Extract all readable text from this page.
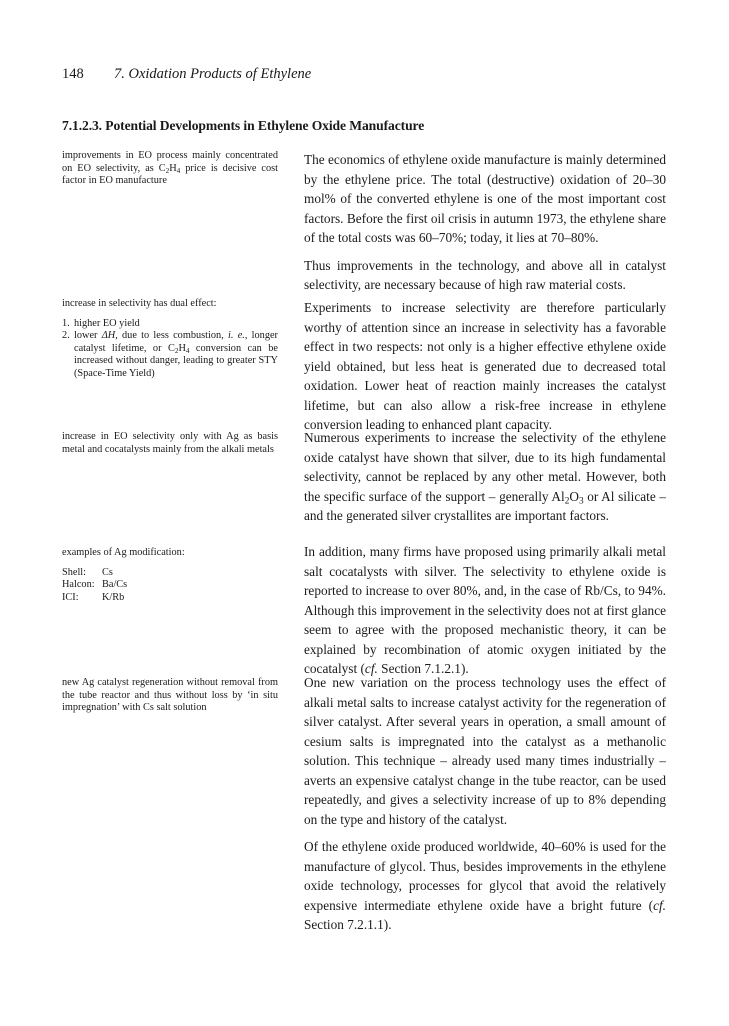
148 7. Oxidation Products of Ethylene
7.1.2.3. Potential Developments in Ethylene Oxide Manufacture

improvements in EO process mainly concentrated on EO selectivity, as $C_2H_4$ price is decisive cost factor in EO manufacture

The economics of ethylene oxide manufacture is mainly determined by the ethylene price. The total (destructive) oxidation of 20–30 mol% of the converted ethylene is one of the most important cost factors. Before the first oil crisis in autumn 1973, the ethylene share of the total costs was 60–70%; today, it lies at 70–80%.

Thus improvements in the technology, and above all in catalyst selectivity, are necessary because of high raw material costs.

increase in selectivity has dual effect:

1. higher EO yield
2. lower ΔH, due to less combustion, i. e., longer catalyst lifetime, or $C_2H_4$ conversion can be increased without danger, leading to greater STY (Space-Time Yield)

Experiments to increase selectivity are therefore particularly worthy of attention since an increase in selectivity has a favorable effect in two respects: not only is a higher effective ethylene oxide yield obtained, but less heat is generated due to decreased total oxidation. Lower heat of reaction mainly increases the catalyst lifetime, but can also allow a risk-free increase in ethylene conversion leading to enhanced plant capacity.

increase in EO selectivity only with Ag as basis metal and cocatalysts mainly from the alkali metals

Numerous experiments to increase the selectivity of the ethylene oxide catalyst have shown that silver, due to its high fundamental selectivity, cannot be replaced by any other metal. However, both the specific surface of the support – generally $Al_2O_3$ or Al silicate – and the generated silver crystallites are important factors.

examples of Ag modification:

Shell:	Cs
Halcon: Ba/Cs
ICI:	K/Rb

In addition, many firms have proposed using primarily alkali metal salt cocatalysts with silver. The selectivity to ethylene oxide is reported to increase to over 80%, and, in the case of Rb/Cs, to 94%. Although this improvement in the selectivity does not at first glance seem to agree with the proposed mechanistic theory, it can be explained by recombination of atomic oxygen initiated by the cocatalyst (cf. Section 7.1.2.1).

new Ag catalyst regeneration without removal from the tube reactor and thus without loss by ‘in situ impregnation’ with Cs salt solution

One new variation on the process technology uses the effect of alkali metal salts to increase catalyst activity for the regeneration of silver catalyst. After several years in operation, a small amount of cesium salts is impregnated into the catalyst as a methanolic solution. This technique – already used many times industrially – averts an expensive catalyst change in the tube reactor, can be used repeatedly, and gives a selectivity increase of up to 8% depending on the type and history of the catalyst.

Of the ethylene oxide produced worldwide, 40–60% is used for the manufacture of glycol. Thus, besides improvements in the ethylene oxide technology, processes for glycol that avoid the relatively expensive intermediate ethylene oxide have a bright future (cf. Section 7.2.1.1).
